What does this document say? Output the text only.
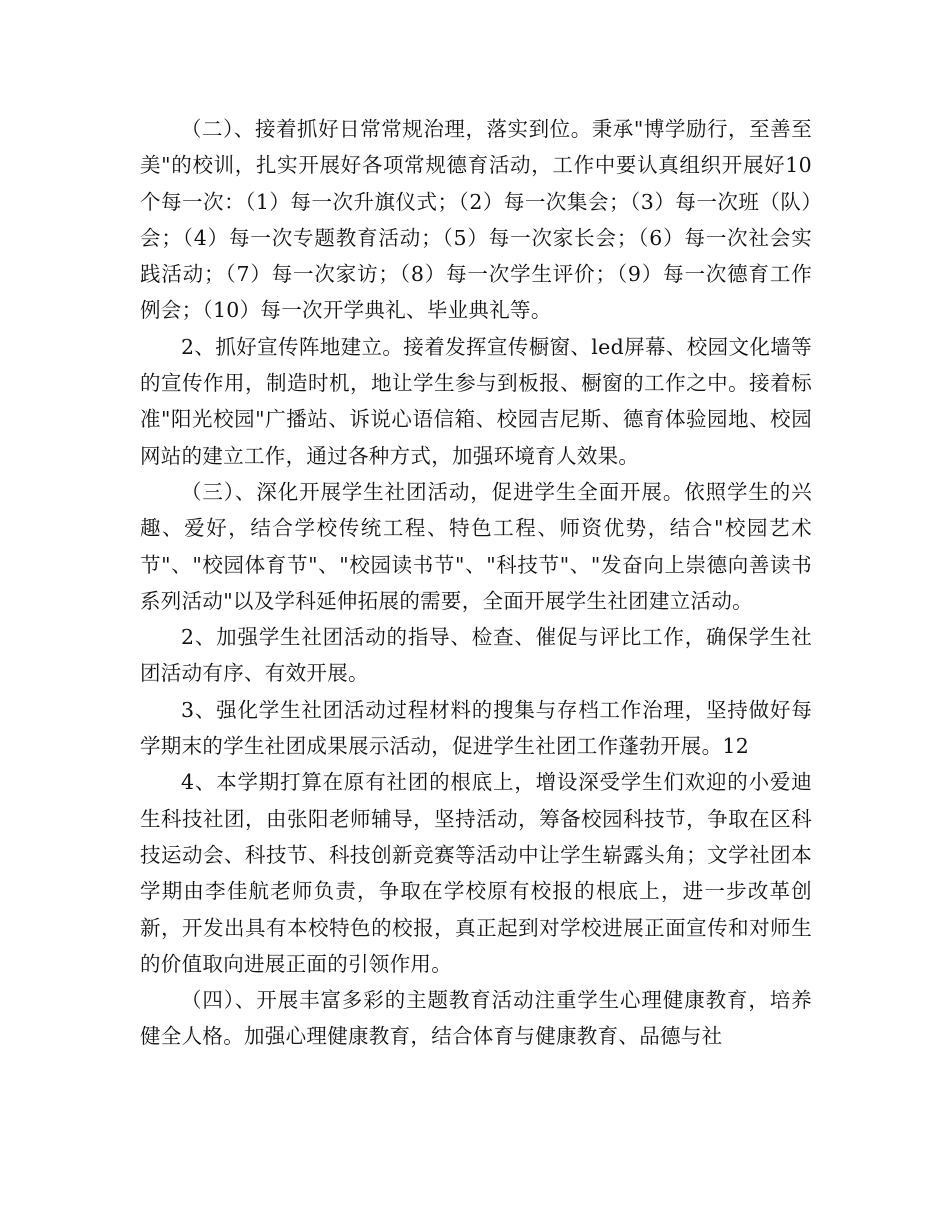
（二）、接着抓好日常常规治理，落实到位。秉承"博学励行，至善至美"的校训，扎实开展好各项常规德育活动，工作中要认真组织开展好10个每一次：（1）每一次升旗仪式；（2）每一次集会；（3）每一次班（队）会；（4）每一次专题教育活动；（5）每一次家长会；（6）每一次社会实践活动；（7）每一次家访；（8）每一次学生评价；（9）每一次德育工作例会；（10）每一次开学典礼、毕业典礼等。

2、抓好宣传阵地建立。接着发挥宣传橱窗、led屏幕、校园文化墙等的宣传作用，制造时机，地让学生参与到板报、橱窗的工作之中。接着标准"阳光校园"广播站、诉说心语信箱、校园吉尼斯、德育体验园地、校园网站的建立工作，通过各种方式，加强环境育人效果。

（三）、深化开展学生社团活动，促进学生全面开展。依照学生的兴趣、爱好，结合学校传统工程、特色工程、师资优势，结合"校园艺术节"、"校园体育节"、"校园读书节"、"科技节"、"发奋向上崇德向善读书系列活动"以及学科延伸拓展的需要，全面开展学生社团建立活动。

2、加强学生社团活动的指导、检查、催促与评比工作，确保学生社团活动有序、有效开展。

3、强化学生社团活动过程材料的搜集与存档工作治理，坚持做好每学期末的学生社团成果展示活动，促进学生社团工作蓬勃开展。12

4、本学期打算在原有社团的根底上，增设深受学生们欢迎的小爱迪生科技社团，由张阳老师辅导，坚持活动，筹备校园科技节，争取在区科技运动会、科技节、科技创新竞赛等活动中让学生崭露头角；文学社团本学期由李佳航老师负责，争取在学校原有校报的根底上，进一步改革创新，开发出具有本校特色的校报，真正起到对学校进展正面宣传和对师生的价值取向进展正面的引领作用。

（四）、开展丰富多彩的主题教育活动注重学生心理健康教育，培养健全人格。加强心理健康教育，结合体育与健康教育、品德与社
